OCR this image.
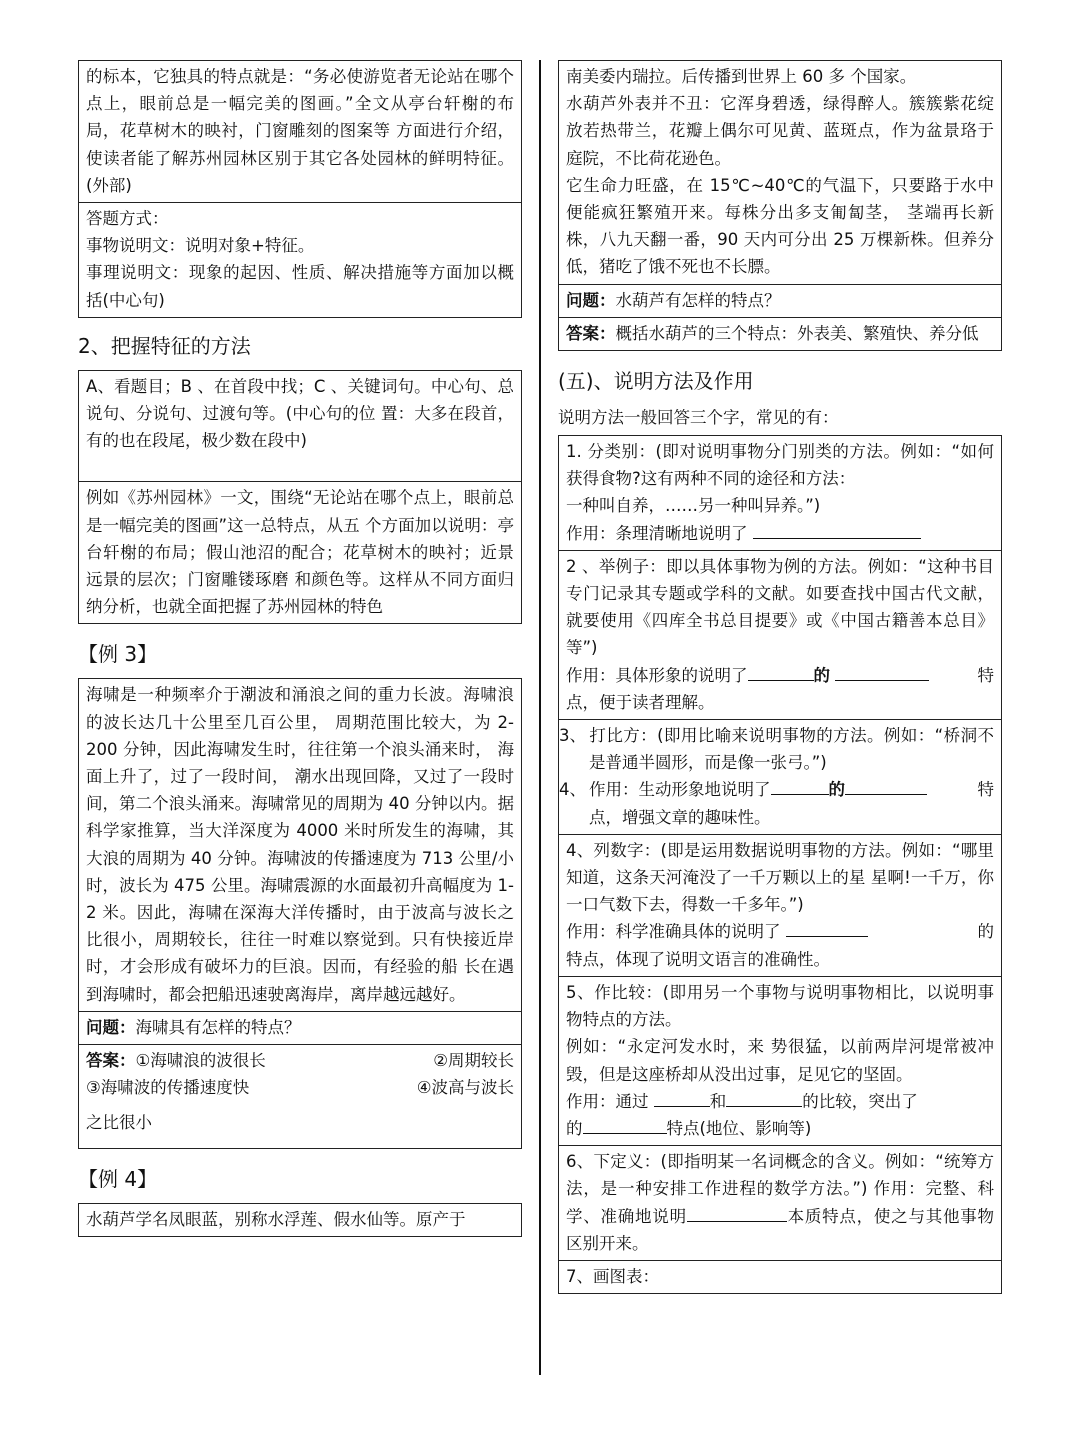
的标本，它独具的特点就是：“务必使游览者无论站在哪个点上，眼前总是一幅完美的图画。”全文从亭台轩榭的布局，花草树木的映衬，门窗雕刻的图案等 方面进行介绍，使读者能了解苏州园林区别于其它各处园林的鲜明特征。(外部)

答题方式：

事物说明文：说明对象+特征。

事理说明文：现象的起因、性质、解决措施等方面加以概括(中心句)

2、把握特征的方法

A、看题目；B 、在首段中找；C 、关键词句。中心句、总说句、分说句、过渡句等。(中心句的位 置：大多在段首，有的也在段尾，极少数在段中)

例如《苏州园林》一文，围绕“无论站在哪个点上，眼前总是一幅完美的图画”这一总特点，从五 个方面加以说明：亭台轩榭的布局；假山池沼的配合；花草树木的映衬；近景远景的层次；门窗雕镂琢磨 和颜色等。这样从不同方面归纳分析，也就全面把握了苏州园林的特色

【例 3】

海啸是一种频率介于潮波和涌浪之间的重力长波。海啸浪的波长达几十公里至几百公里， 周期范围比较大，为 2-200 分钟，因此海啸发生时，往往第一个浪头涌来时， 海面上升了，过了一段时间， 潮水出现回降，又过了一段时间，第二个浪头涌来。海啸常见的周期为 40 分钟以内。据科学家推算，当大洋深度为 4000 米时所发生的海啸，其大浪的周期为 40 分钟。海啸波的传播速度为 713 公里/小时，波长为 475 公里。海啸震源的水面最初升高幅度为 1-2 米。因此，海啸在深海大洋传播时，由于波高与波长之比很小，周期较长，往往一时难以察觉到。只有快接近岸时，才会形成有破坏力的巨浪。因而，有经验的船 长在遇到海啸时，都会把船迅速驶离海岸，离岸越远越好。

问题：海啸具有怎样的特点？

答案：①海啸浪的波很长	②周期较长
③海啸波的传播速度快	④波高与波长

之比很小

【例 4】

水葫芦学名凤眼蓝，别称水浮莲、假水仙等。原产于

南美委内瑞拉。后传播到世界上 60 多 个国家。

水葫芦外表并不丑：它浑身碧透，绿得醉人。簇簇紫花绽放若热带兰，花瓣上偶尔可见黄、蓝斑点，作为盆景珞于庭院，不比荷花逊色。

它生命力旺盛，在 15℃~40℃的气温下，只要路于水中便能疯狂繁殖开来。每株分出多支匍匐茎， 茎端再长新株，八九天翻一番，90 天内可分出 25 万棵新株。但养分低，猪吃了饿不死也不长膘。

问题：水葫芦有怎样的特点？

答案：概括水葫芦的三个特点：外表美、繁殖快、养分低

(五)、说明方法及作用
说明方法一般回答三个字，常见的有：

1. 分类别：(即对说明事物分门别类的方法。例如：“如何获得食物?这有两种不同的途径和方法：

一种叫自养，……另一种叫异养。”)

作用：条理清晰地说明了

2 、举例子：即以具体事物为例的方法。例如：“这种书目专门记录其专题或学科的文献。如要查找中国古代文献，就要使用《四库全书总目提要》或《中国古籍善本总目》等”)

作用：具体形象的说明了	的	特

点，便于读者理解。

3、 打比方：(即用比喻来说明事物的方法。例如：“桥洞不是普通半圆形，而是像一张弓。”)

4、 作用：生动形象地说明了	的	特

点，增强文章的趣味性。

4、列数字：(即是运用数据说明事物的方法。例如：“哪里知道，这条天河淹没了一千万颗以上的星 星啊!一千万，你一口气数下去，得数一千多年。”)

作用：科学准确具体的说明了	的

特点，体现了说明文语言的准确性。

5、作比较：(即用另一个事物与说明事物相比，以说明事物特点的方法。

例如：“永定河发水时，来 势很猛，以前两岸河堤常被冲毁，但是这座桥却从没出过事，足见它的坚固。

作用：通过	和	的比较，突出了

的	特点(地位、影响等)

6、下定义：(即指明某一名词概念的含义。例如：“统筹方法，是一种安排工作进程的数学方法。”) 作用：完整、科学、准确地说明	本质特点，使之与其他事物区别开来。

7、画图表：
